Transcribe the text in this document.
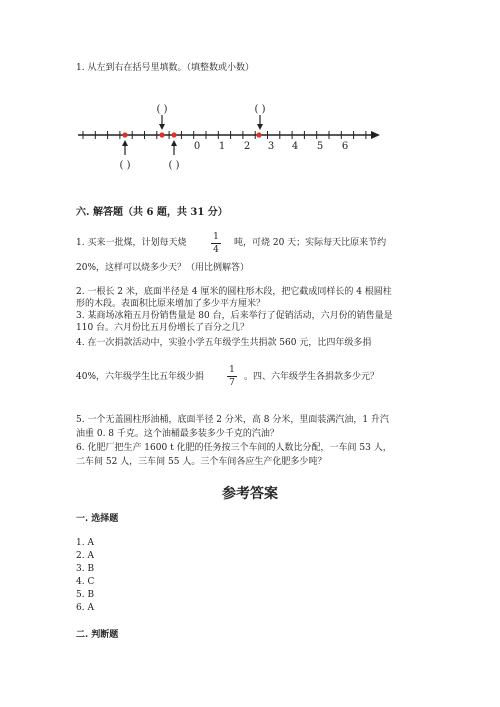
1. 从左到右在括号里填数。（填整数或小数）
0 1 2 3 4 5 6
( )	( )
( )	( )
六. 解答题（共 6 题，共 31 分）
1. 买来一批煤，计划每天烧
1
4
吨，可烧 20 天；实际每天比原来节约
20%，这样可以烧多少天？（用比例解答）
2. 一根长 2 米，底面半径是 4 厘米的圆柱形木段，把它截成同样长的 4 根圆柱
形的木段。表面积比原来增加了多少平方厘米？
3. 某商场冰箱五月份销售量是 80 台，后来举行了促销活动，六月份的销售量是
110 台。六月份比五月份增长了百分之几？
4. 在一次捐款活动中，实验小学五年级学生共捐款 560 元，比四年级多捐
40%，六年级学生比五年级少捐
1
7
。四、六年级学生各捐款多少元？
5. 一个无盖圆柱形油桶，底面半径 2 分米，高 8 分米，里面装满汽油，1 升汽
油重 0. 8 千克。这个油桶最多装多少千克的汽油？
6. 化肥厂把生产 1600 t 化肥的任务按三个车间的人数比分配，一车间 53 人，
二车间 52 人，三车间 55 人。三个车间各应生产化肥多少吨？
参考答案
一. 选择题
1. A
2. A
3. B
4. C
5. B
6. A
二. 判断题
